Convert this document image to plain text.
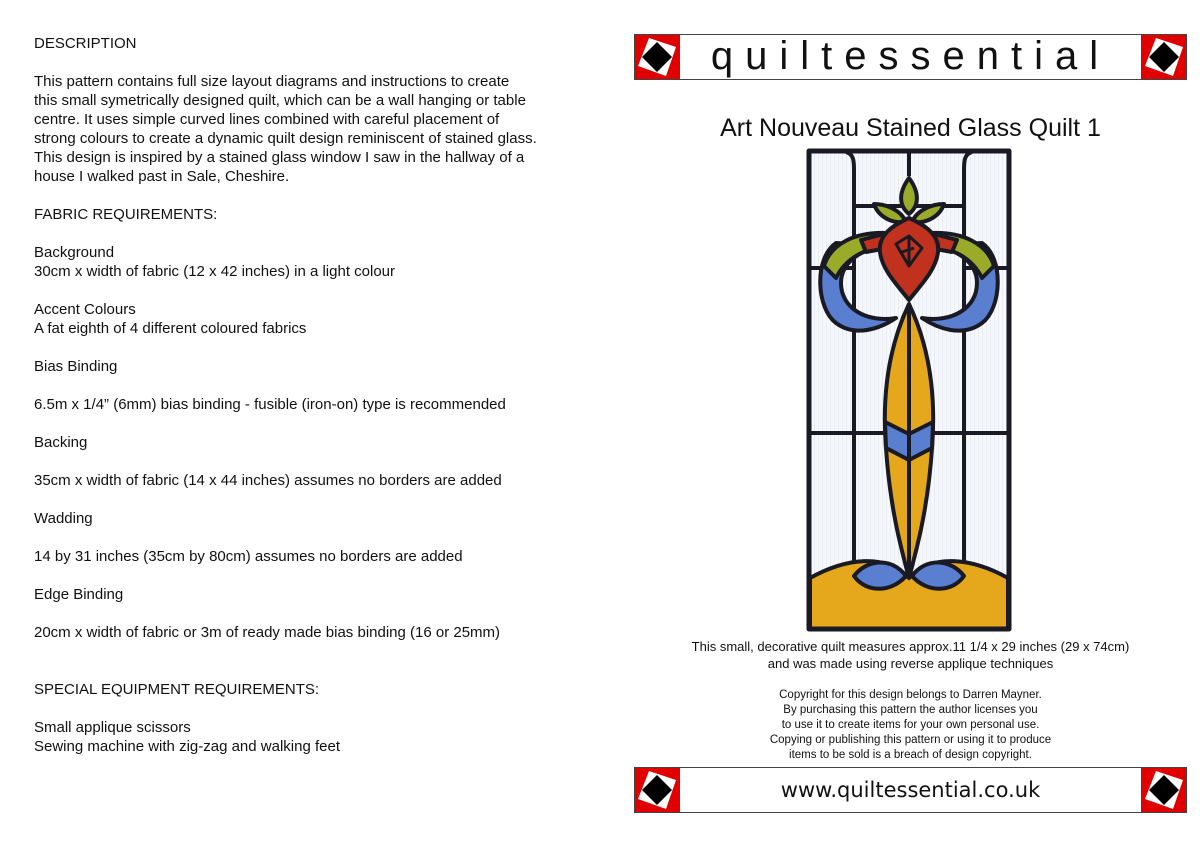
DESCRIPTION

This pattern contains full size layout diagrams and instructions to create

this small symetrically designed quilt, which can be a wall hanging or table

centre. It uses simple curved lines combined with careful placement of

strong colours to create a dynamic quilt design reminiscent of stained glass.

This design is inspired by a stained glass window I saw in the hallway of a

house I walked past in Sale, Cheshire.

FABRIC REQUIREMENTS:

Background

30cm x width of fabric (12 x 42 inches) in a light colour

Accent Colours

A fat eighth of 4 different coloured fabrics

Bias Binding

6.5m x 1/4” (6mm) bias binding - fusible (iron-on) type is recommended

Backing

35cm x width of fabric (14 x 44 inches) assumes no borders are added

Wadding

14 by 31 inches (35cm by 80cm) assumes no borders are added

Edge Binding

20cm x width of fabric or 3m of ready made bias binding (16 or 25mm)

SPECIAL EQUIPMENT REQUIREMENTS:

Small applique scissors

Sewing machine with zig-zag and walking feet

quiltessential
Art Nouveau Stained Glass Quilt 1
This small, decorative quilt measures approx.11 1/4 x 29 inches (29 x 74cm)
and was made using reverse applique techniques
Copyright for this design belongs to Darren Mayner.
By purchasing this pattern the author licenses you
to use it to create items for your own personal use.
Copying or publishing this pattern or using it to produce
items to be sold is a breach of design copyright.
www.quiltessential.co.uk
